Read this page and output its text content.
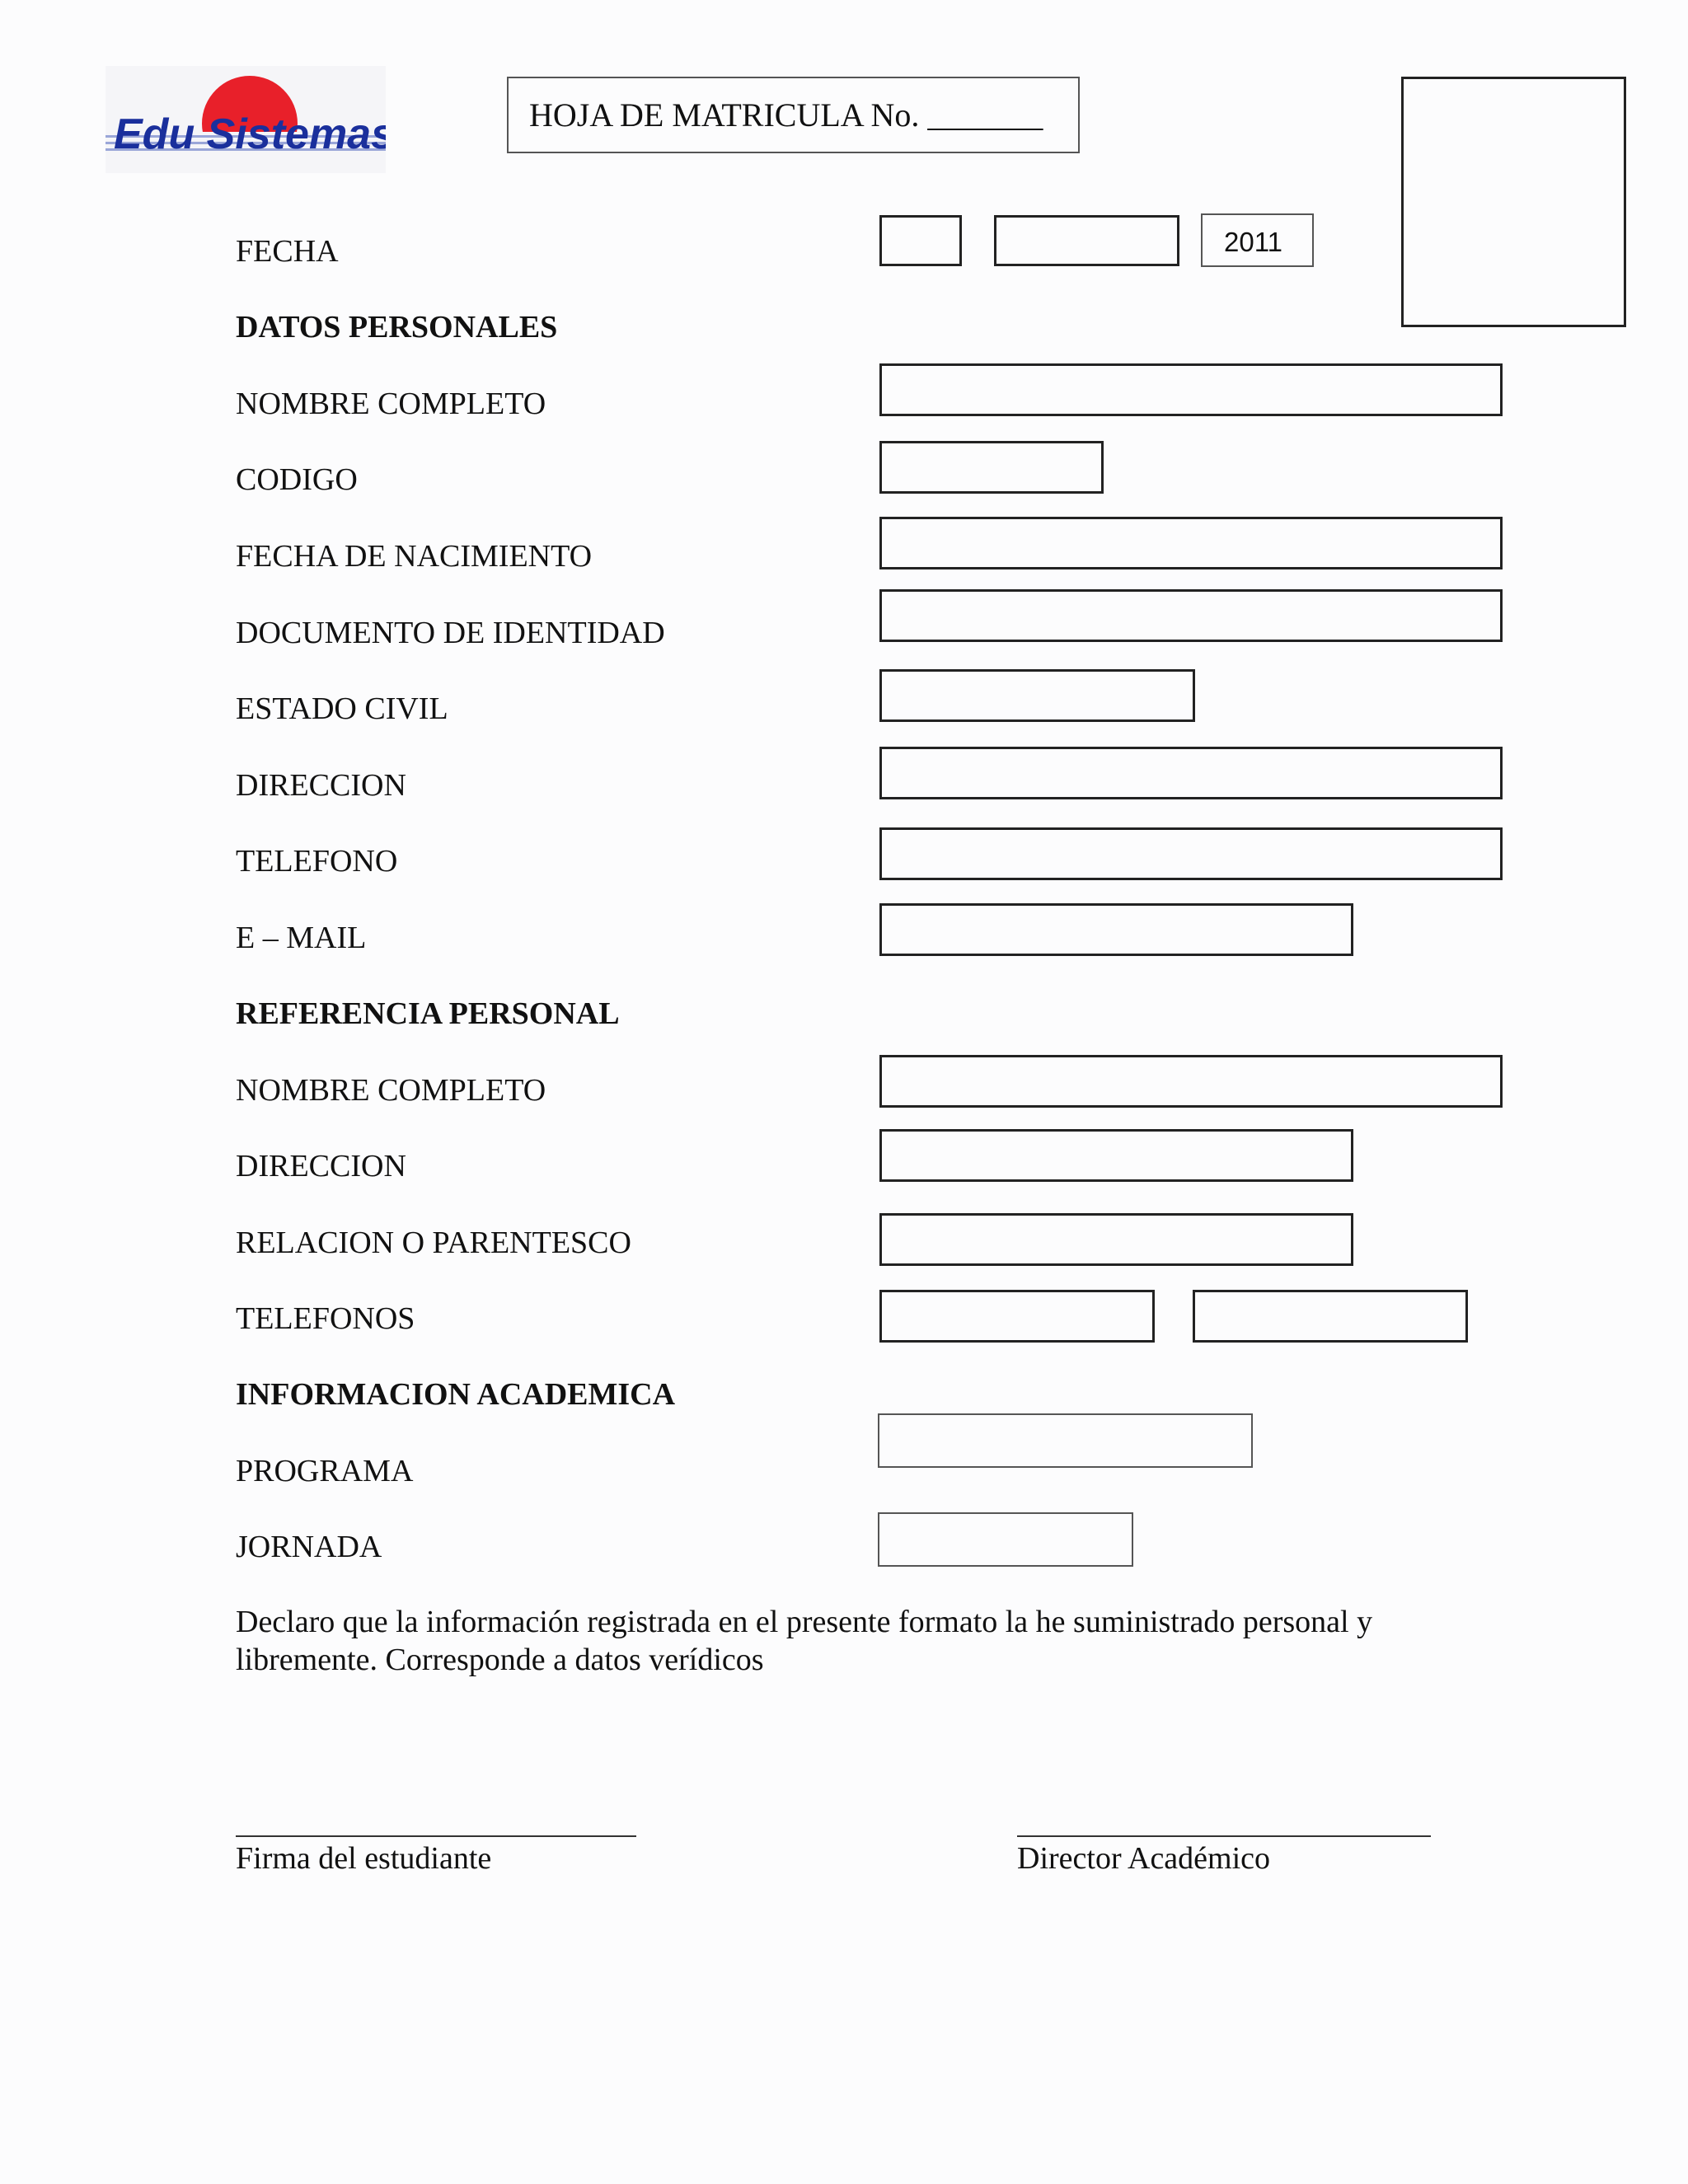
Edu Sistemas	HOJA DE MATRICULA No. _______
FECHA	2011
DATOS PERSONALES
NOMBRE COMPLETO
CODIGO
FECHA DE NACIMIENTO
DOCUMENTO DE IDENTIDAD
ESTADO CIVIL
DIRECCION
TELEFONO
E – MAIL
REFERENCIA PERSONAL
NOMBRE COMPLETO
DIRECCION
RELACION O PARENTESCO
TELEFONOS
INFORMACION ACADEMICA
PROGRAMA
JORNADA
Declaro que la información registrada en el presente formato la he suministrado personal y
libremente. Corresponde a datos verídicos
Firma del estudiante	Director Académico
